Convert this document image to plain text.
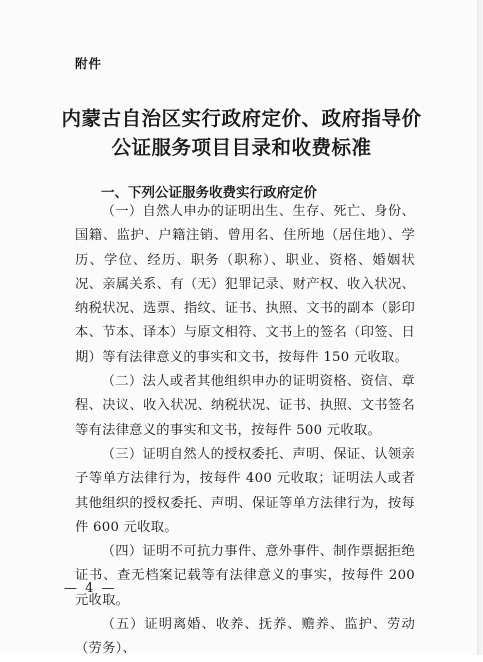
附件
内蒙古自治区实行政府定价、政府指导价
公证服务项目目录和收费标准
一、下列公证服务收费实行政府定价

（一）自然人申办的证明出生、生存、死亡、身份、国籍、监护、户籍注销、曾用名、住所地（居住地）、学历、学位、经历、职务（职称）、职业、资格、婚姻状况、亲属关系、有（无）犯罪记录、财产权、收入状况、纳税状况、选票、指纹、证书、执照、文书的副本（影印本、节本、译本）与原文相符、文书上的签名（印签、日期）等有法律意义的事实和文书，按每件 150 元收取。

（二）法人或者其他组织申办的证明资格、资信、章程、决议、收入状况、纳税状况、证书、执照、文书签名等有法律意义的事实和文书，按每件 500 元收取。

（三）证明自然人的授权委托、声明、保证、认领亲子等单方法律行为，按每件 400 元收取；证明法人或者其他组织的授权委托、声明、保证等单方法律行为，按每件 600 元收取。

（四）证明不可抗力事件、意外事件、制作票据拒绝证书、查无档案记载等有法律意义的事实，按每件 200 元收取。

（五）证明离婚、收养、抚养、赡养、监护、劳动（劳务）、

— 4 —
